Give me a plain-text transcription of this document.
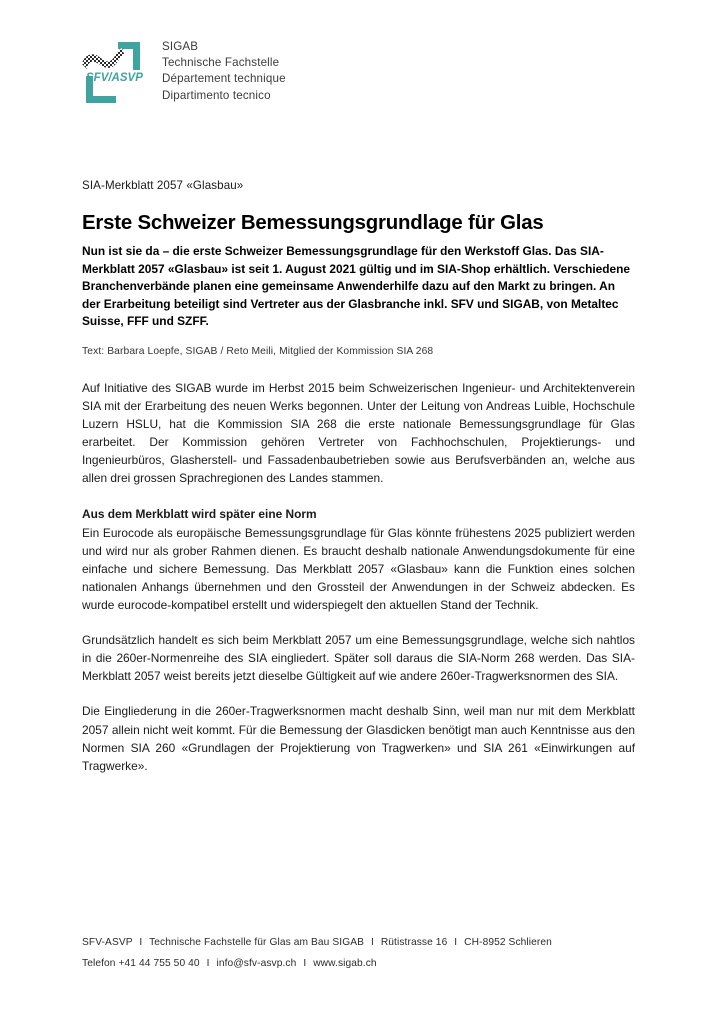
SFV/ASVP
SIGAB
Technische Fachstelle
Département technique
Dipartimento tecnico
SIA-Merkblatt 2057 «Glasbau»
Erste Schweizer Bemessungsgrundlage für Glas
Nun ist sie da – die erste Schweizer Bemessungsgrundlage für den Werkstoff Glas. Das SIA-Merkblatt 2057 «Glasbau» ist seit 1. August 2021 gültig und im SIA-Shop erhältlich. Verschiedene Branchenverbände planen eine gemeinsame Anwenderhilfe dazu auf den Markt zu bringen. An der Erarbeitung beteiligt sind Vertreter aus der Glasbranche inkl. SFV und SIGAB, von Metaltec Suisse, FFF und SZFF.
Text: Barbara Loepfe, SIGAB / Reto Meili, Mitglied der Kommission SIA 268

Auf Initiative des SIGAB wurde im Herbst 2015 beim Schweizerischen Ingenieur- und Architektenverein SIA mit der Erarbeitung des neuen Werks begonnen. Unter der Leitung von Andreas Luible, Hochschule Luzern HSLU, hat die Kommission SIA 268 die erste nationale Bemessungsgrundlage für Glas erarbeitet. Der Kommission gehören Vertreter von Fachhochschulen, Projektierungs- und Ingenieurbüros, Glasherstell- und Fassadenbaubetrieben sowie aus Berufsverbänden an, welche aus allen drei grossen Sprachregionen des Landes stammen.

Aus dem Merkblatt wird später eine Norm

Ein Eurocode als europäische Bemessungsgrundlage für Glas könnte frühestens 2025 publiziert werden und wird nur als grober Rahmen dienen. Es braucht deshalb nationale Anwendungsdokumente für eine einfache und sichere Bemessung. Das Merkblatt 2057 «Glasbau» kann die Funktion eines solchen nationalen Anhangs übernehmen und den Grossteil der Anwendungen in der Schweiz abdecken. Es wurde eurocode-kompatibel erstellt und widerspiegelt den aktuellen Stand der Technik.

Grundsätzlich handelt es sich beim Merkblatt 2057 um eine Bemessungsgrundlage, welche sich nahtlos in die 260er-Normenreihe des SIA eingliedert. Später soll daraus die SIA-Norm 268 werden. Das SIA-Merkblatt 2057 weist bereits jetzt dieselbe Gültigkeit auf wie andere 260er-Tragwerksnormen des SIA.

Die Eingliederung in die 260er-Tragwerksnormen macht deshalb Sinn, weil man nur mit dem Merkblatt 2057 allein nicht weit kommt. Für die Bemessung der Glasdicken benötigt man auch Kenntnisse aus den Normen SIA 260 «Grundlagen der Projektierung von Tragwerken» und SIA 261 «Einwirkungen auf Tragwerke».

SFV-ASVP I Technische Fachstelle für Glas am Bau SIGAB I Rütistrasse 16 I CH-8952 Schlieren
Telefon +41 44 755 50 40 I info@sfv-asvp.ch I www.sigab.ch
